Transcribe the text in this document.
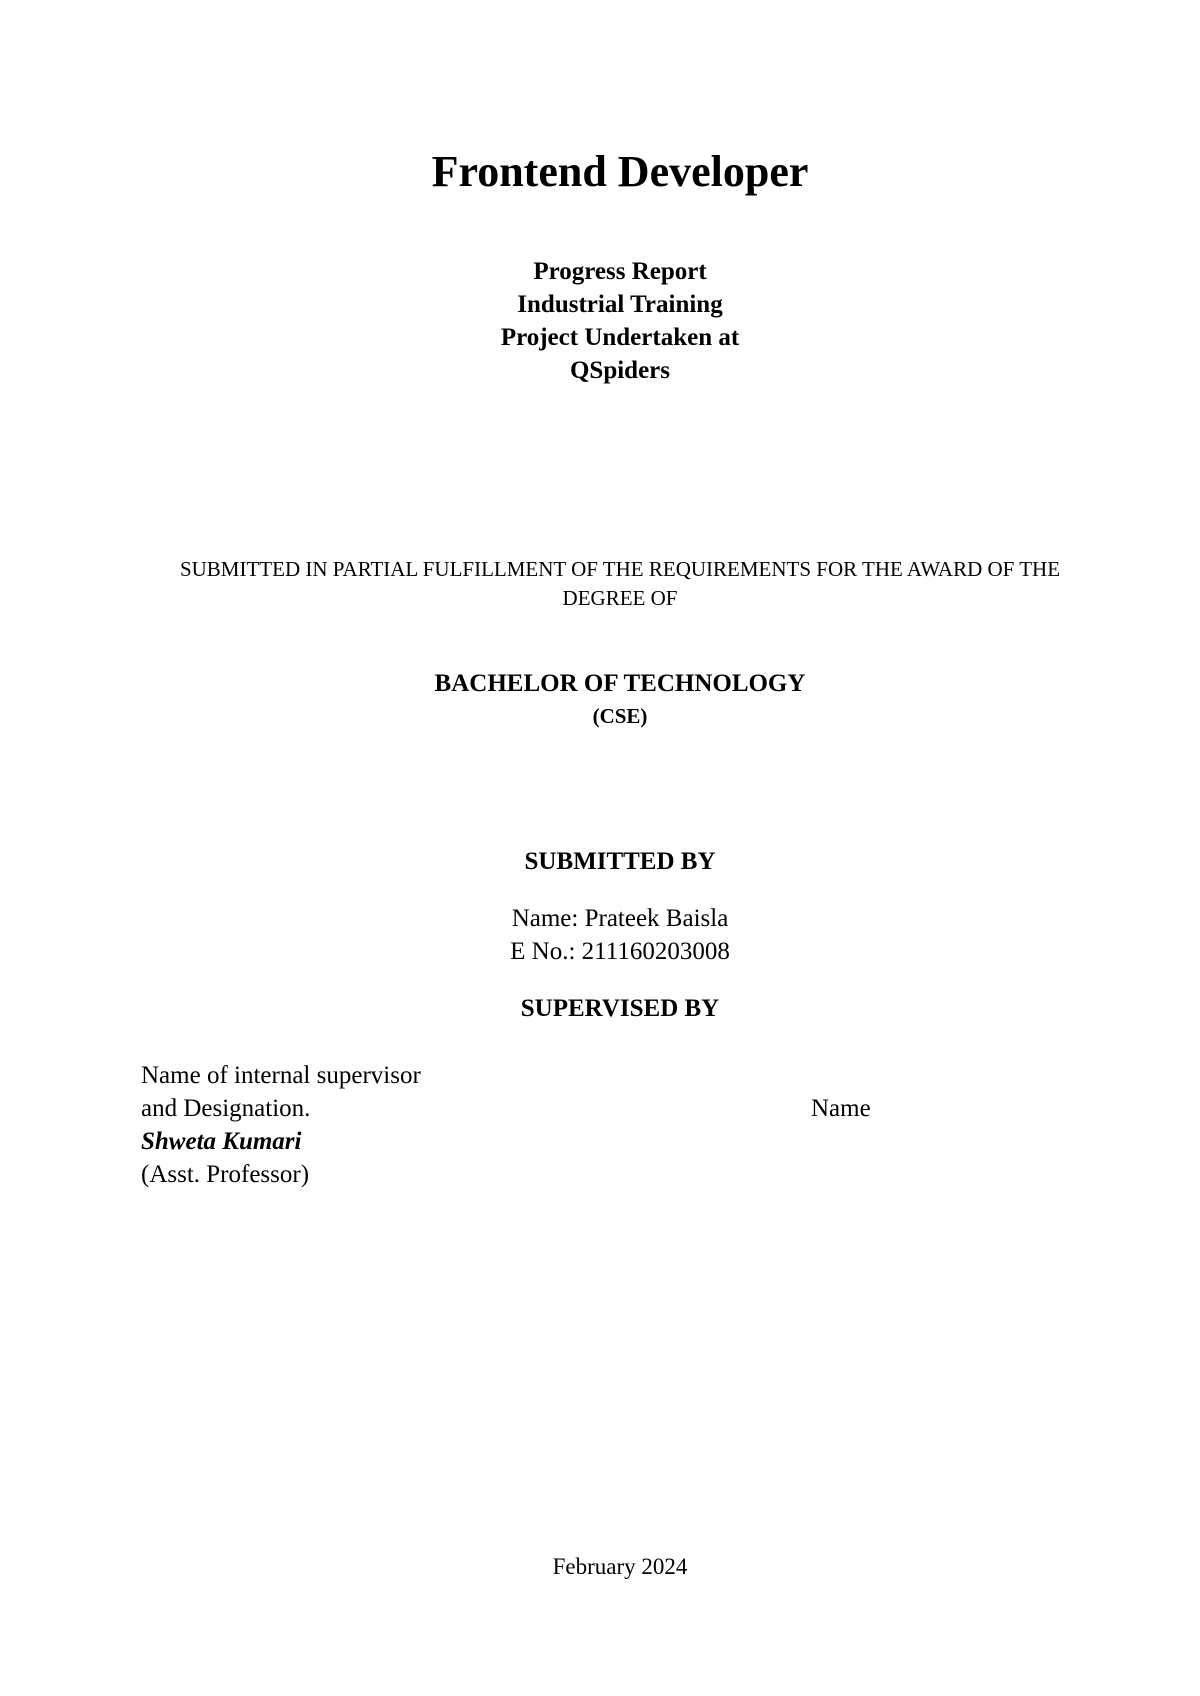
Frontend Developer
Progress Report
Industrial Training
Project Undertaken at
QSpiders
SUBMITTED IN PARTIAL FULFILLMENT OF THE REQUIREMENTS FOR THE AWARD OF THE DEGREE OF
BACHELOR OF TECHNOLOGY
(CSE)
SUBMITTED BY
Name: Prateek Baisla
E No.: 211160203008
SUPERVISED BY
Name of internal supervisor
and Designation.
Shweta Kumari
(Asst. Professor)
Name
February 2024
